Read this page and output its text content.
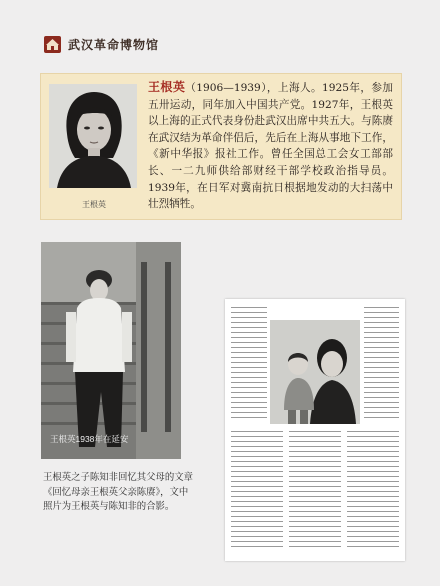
武汉革命博物馆
王根英
王根英（1906—1939），上海人。1925年，参加五卅运动，同年加入中国共产党。1927年，王根英以上海的正式代表身份赴武汉出席中共五大。与陈赓在武汉结为革命伴侣后，先后在上海从事地下工作，《新中华报》报社工作。曾任全国总工会女工部部长、一二九师供给部财经干部学校政治指导员。1939年，在日军对冀南抗日根据地发动的大扫荡中壮烈牺牲。
王根英1938年在延安
王根英之子陈知非回忆其父母的文章《回忆母亲王根英父亲陈赓》，文中照片为王根英与陈知非的合影。
